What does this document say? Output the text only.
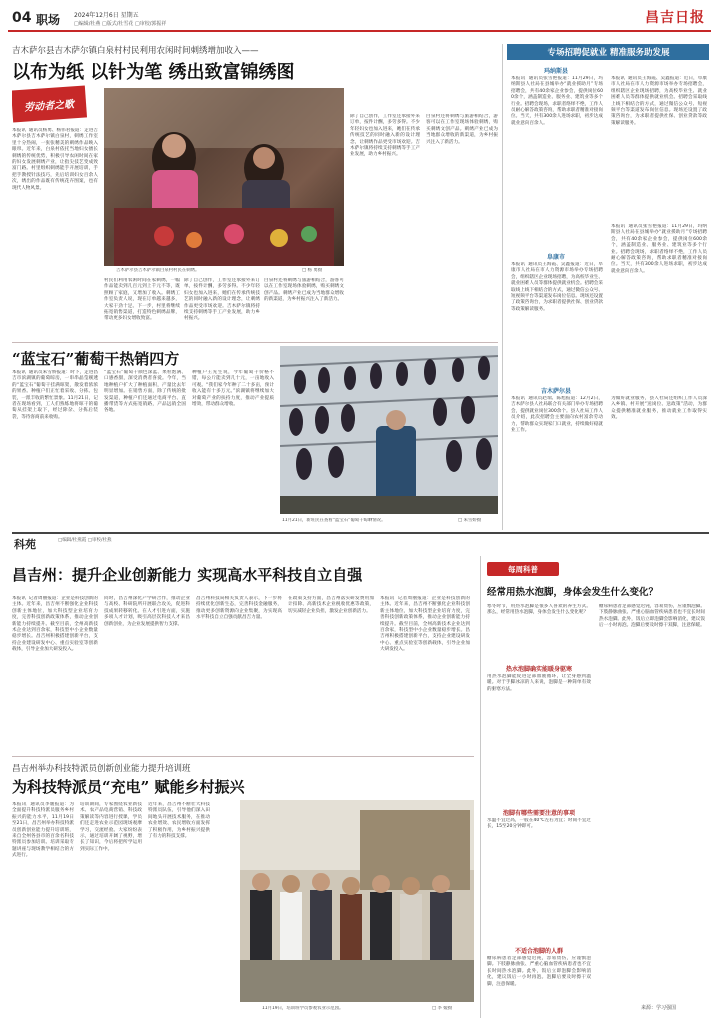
04 职场 2024年12月6日 星期五
□编辑/杜燕 □版式/杜雪花 □审校/郭振祥	昌吉日报
吉木萨尔县吉木萨尔镇白泉村村民利用农闲时间刺绣增加收入——
以布为纸 以针为笔 绣出致富锦绣图
劳动者之歌
本报讯  通讯员杨勇、杨伟君报道：走进吉木萨尔县吉木萨尔镇白泉村，刺绣工作室里十分热闹，一张张精美的刺绣作品映入眼帘。近年来，白泉村依托当地妇女擅长刺绣的传统优势，积极引导农闲时间在家的妇女发展刺绣产业，让指尖技艺变成致富门路。村里组织刺绣能手开展培训，手把手教授针法技巧，先后培训妇女百余人次，绣出的作品既有传统花卉图案，也有现代人物风景。
吉木萨尔县吉木萨尔镇白泉村村民在刺绣。	□ 杨 勇摄
村民们利用农闲时间在家刺绣，一幅作品能卖到几百元到上千元不等，既照顾了家庭，又增加了收入。刺绣工作室负责人说，现在订单越来越多，大家干劲十足。下一步，村里将继续拓宽销售渠道，打造特色刺绣品牌，带动更多妇女增收致富。
除了自己创作，工作室还承接外来订单，按件计酬，多劳多得。不少年轻妇女也加入进来，她们在传承传统技艺的同时融入新的设计理念，让刺绣作品更受市场欢迎。吉木萨尔镇将持续支持刺绣等手工产业发展，助力乡村振兴。
白泉村还将刺绣与旅游相结合，游客可以在工作室现场体验刺绣，购买刺绣文创产品。刺绣产业已成为当地群众增收的新渠道，为乡村振兴注入了新活力。
除了自己创作，工作室还承接外来订单，按件计酬，多劳多得。不少年轻妇女也加入进来，她们在传承传统技艺的同时融入新的设计理念，让刺绣作品更受市场欢迎。吉木萨尔镇将持续支持刺绣等手工产业发展，助力乡村振兴。
白泉村还将刺绣与旅游相结合，游客可以在工作室现场体验刺绣，购买刺绣文创产品。刺绣产业已成为当地群众增收的新渠道，为乡村振兴注入了新活力。
“蓝宝石”葡萄干热销四方
本报讯  通讯员朱雪娇报道：时下，走进昌吉市滨湖镇的葡萄晾房，一串串晶莹剔透的“蓝宝石”葡萄干挂满晾架，散发着浓浓的果香。种植户们正忙着采收、分拣、包装，一派丰收的繁忙景象。11月21日，记者在现场看到，工人们熟练地将晾干的葡萄从挂架上取下，经过除杂、分拣后装袋，等待客商前来收购。
“蓝宝石”葡萄干颜色深蓝、果粒饱满、口感香甜，深受消费者喜爱。今年，当地种植户扩大了种植面积，产量比去年明显增加。在销售方面，除了传统的批发渠道，种植户们还通过电商平台、直播带货等方式拓宽销路，产品远销全国各地。
种植户王先生说，今年葡萄干价格不错，每公斤能卖到几十元，一亩地收入可观。“我们家今年种了二十多亩，预计收入能有十多万元。”滨湖镇将继续加大对葡萄产业的扶持力度，推动产业提质增效，带动群众增收。
11月21日，新旺民在查看“蓝宝石”葡萄干晾晒情况。	□ 朱雪娇摄
专场招聘促就业 精准服务助发展
玛纳斯县
本报讯  通讯员张雪艳报道：11月29日，玛纳斯县人社局在县城举办“就业援助月”专场招聘会，共有40余家企业参会，提供岗位600余个，涵盖制造业、服务业、建筑业等多个行业。招聘会现场，求职者络绎不绝，工作人员耐心解答政策咨询，帮助求职者精准对接岗位。当天，共有300余人进场求职，初步达成就业意向百余人。
本报讯  通讯员王海霞、吴鑫报道：近日，阜康市人社局在市人力资源市场举办专场招聘会，组织辖区企业现场招聘，为高校毕业生、就业困难人员等群体提供就业机会。招聘会采取线上线下相结合的方式，通过微信公众号、短视频平台等渠道发布岗位信息。现场还设置了政策咨询台，为求职者提供社保、创业贷款等政策解读服务。
阜康市
本报讯  通讯员王海霞、吴鑫报道：近日，阜康市人社局在市人力资源市场举办专场招聘会，组织辖区企业现场招聘，为高校毕业生、就业困难人员等群体提供就业机会。招聘会采取线上线下相结合的方式，通过微信公众号、短视频平台等渠道发布岗位信息。现场还设置了政策咨询台，为求职者提供社保、创业贷款等政策解读服务。
本报讯  通讯员张雪艳报道：11月29日，玛纳斯县人社局在县城举办“就业援助月”专场招聘会，共有40余家企业参会，提供岗位600余个，涵盖制造业、服务业、建筑业等多个行业。招聘会现场，求职者络绎不绝，工作人员耐心解答政策咨询，帮助求职者精准对接岗位。当天，共有300余人进场求职，初步达成就业意向百余人。
吉木萨尔县
本报讯  通讯员赵瑞、陈旭报道：12月2日，吉木萨尔县人社局联合有关部门举办专场招聘会，提供就业岗位300余个。县人社局工作人员介绍，此次招聘会主要面向农村富余劳动力，帮助群众实现家门口就业，持续做好稳就业工作。
为做好就业服务，县人社局还组织工作人员深入乡镇、村开展“送岗位、送政策”活动，为群众提供精准就业服务，推动就业工作取得实效。
科苑	□编辑/杜燕霞 □审校/杜燕
昌吉州：提升企业创新能力 实现高水平科技自立自强
本报讯  记者周丽报道：企业是科技创新的主体。近年来，昌吉州不断强化企业科技创新主体地位，加大科技型企业培育力度，完善科技创新政策体系，推动企业创新能力持续提升。截至目前，全州高新技术企业达到百余家，科技型中小企业数量稳步增长。昌吉州积极搭建创新平台，支持企业建设研发中心、重点实验室等创新载体，引导企业加大研发投入。
同时，昌吉州深化产学研合作，推动企业与高校、科研院所开展联合攻关，促进科技成果转移转化。在人才引进方面，实施多项人才计划，吸引高层次科技人才来昌创新创业，为企业发展提供智力支撑。
昌吉州科技局相关负责人表示，下一步将持续优化创新生态，完善科技金融服务，推动更多创新资源向企业集聚，为实现高水平科技自立自强贡献昌吉力量。
在政策支持方面，昌吉州落实研发费用加计扣除、高新技术企业税收优惠等政策，切实减轻企业负担，激发企业创新活力。
本报讯  记者周丽报道：企业是科技创新的主体。近年来，昌吉州不断强化企业科技创新主体地位，加大科技型企业培育力度，完善科技创新政策体系，推动企业创新能力持续提升。截至目前，全州高新技术企业达到百余家，科技型中小企业数量稳步增长。昌吉州积极搭建创新平台，支持企业建设研发中心、重点实验室等创新载体，引导企业加大研发投入。
昌吉州举办科技特派员创新创业能力提升培训班
为科技特派员“充电” 赋能乡村振兴
本报讯  通讯员李媛报道：为全面提升科技特派员服务乡村振兴的能力水平，11月19日至21日，昌吉州举办科技特派员创新创业能力提升培训班，来自全州各县市的百余名科技特派员参加培训。培训采取专题讲座与现场教学相结合的方式进行。
培训期间，专家围绕农业新技术、农产品电商营销、科技政策解读等内容进行授课，学员们还走进农业示范园现场观摩学习，交流经验。大家纷纷表示，通过培训开阔了视野，增长了知识，今后将把所学运用到实际工作中。
近年来，昌吉州不断壮大科技特派员队伍，引导他们深入田间地头开展技术服务，在推动农业增效、农民增收方面发挥了积极作用，为乡村振兴提供了有力的科技支撑。
11月19日，培训班学员参观农业示范园。	□ 李 媛摄
每周科普
经常用热水泡脚，身体会发生什么变化？
寒冬时节，用热水泡脚是很多人喜欢的养生方式。那么，经常用热水泡脚，身体会发生什么变化呢？
热水泡脚确实能暖身驱寒
用热水泡脚能促进足部血液循环，让全身感到温暖。对于手脚冰凉的人来说，泡脚是一种简单有效的驱寒方法。
泡脚有哪些需要注意的事项
水温不宜过高，一般在40℃左右为宜；时间不宜过长，15至20分钟即可。
不适合泡脚的人群
糖尿病患者足部感觉迟钝，容易烫伤，应谨慎泡脚。下肢静脉曲张、严重心脑血管疾病患者也不宜长时间热水泡脚。此外，饭后立即泡脚会影响消化，建议饭后一小时再泡。泡脚后要及时擦干双脚，注意保暖。
糖尿病患者足部感觉迟钝，容易烫伤，应谨慎泡脚。下肢静脉曲张、严重心脑血管疾病患者也不宜长时间热水泡脚。此外，饭后立即泡脚会影响消化，建议饭后一小时再泡。泡脚后要及时擦干双脚，注意保暖。
来源：学习强国
